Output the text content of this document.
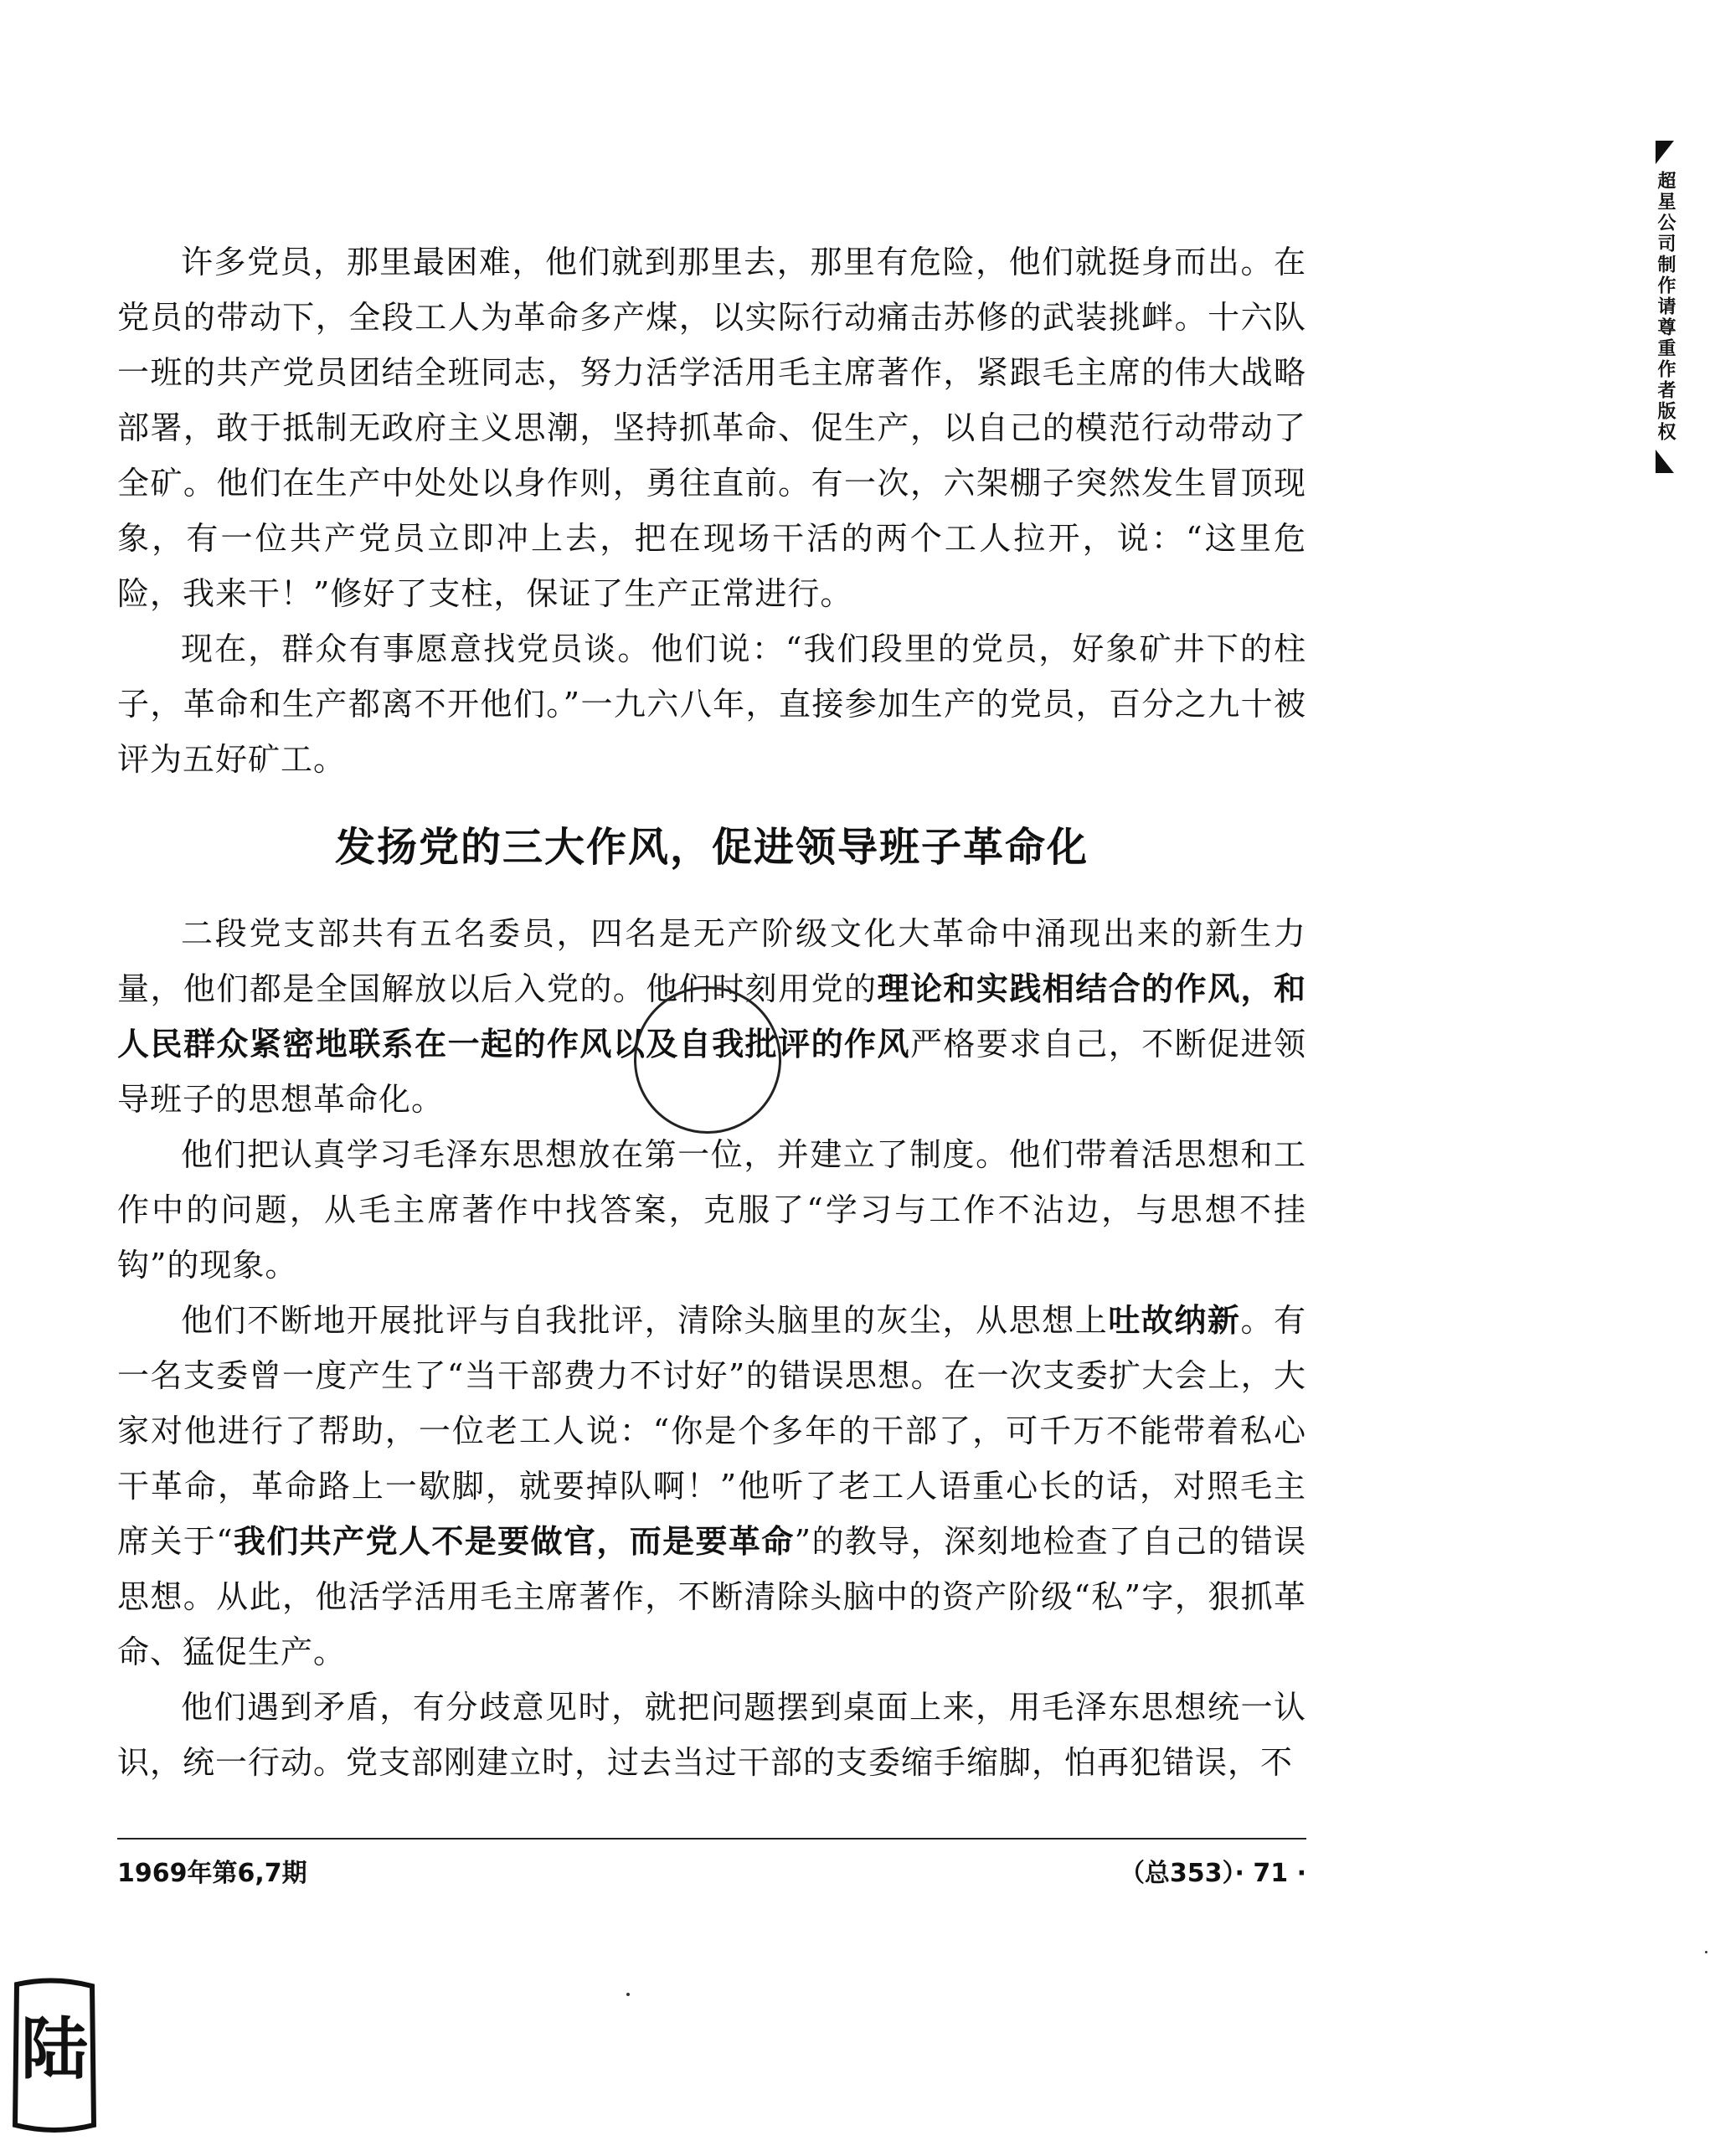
许多党员，那里最困难，他们就到那里去，那里有危险，他们就挺身而出。在党员的带动下，全段工人为革命多产煤，以实际行动痛击苏修的武装挑衅。十六队一班的共产党员团结全班同志，努力活学活用毛主席著作，紧跟毛主席的伟大战略部署，敢于抵制无政府主义思潮，坚持抓革命、促生产，以自己的模范行动带动了全矿。他们在生产中处处以身作则，勇往直前。有一次，六架棚子突然发生冒顶现象，有一位共产党员立即冲上去，把在现场干活的两个工人拉开，说：“这里危险，我来干！”修好了支柱，保证了生产正常进行。

现在，群众有事愿意找党员谈。他们说：“我们段里的党员，好象矿井下的柱子，革命和生产都离不开他们。”一九六八年，直接参加生产的党员，百分之九十被评为五好矿工。

发扬党的三大作风，促进领导班子革命化

二段党支部共有五名委员，四名是无产阶级文化大革命中涌现出来的新生力量，他们都是全国解放以后入党的。他们时刻用党的理论和实践相结合的作风，和人民群众紧密地联系在一起的作风以及自我批评的作风严格要求自己，不断促进领导班子的思想革命化。

他们把认真学习毛泽东思想放在第一位，并建立了制度。他们带着活思想和工作中的问题，从毛主席著作中找答案，克服了“学习与工作不沾边，与思想不挂钩”的现象。

他们不断地开展批评与自我批评，清除头脑里的灰尘，从思想上吐故纳新。有一名支委曾一度产生了“当干部费力不讨好”的错误思想。在一次支委扩大会上，大家对他进行了帮助，一位老工人说：“你是个多年的干部了，可千万不能带着私心干革命，革命路上一歇脚，就要掉队啊！”他听了老工人语重心长的话，对照毛主席关于“我们共产党人不是要做官，而是要革命”的教导，深刻地检查了自己的错误思想。从此，他活学活用毛主席著作，不断清除头脑中的资产阶级“私”字，狠抓革命、猛促生产。

他们遇到矛盾，有分歧意见时，就把问题摆到桌面上来，用毛泽东思想统一认识，统一行动。党支部刚建立时，过去当过干部的支委缩手缩脚，怕再犯错误，不

1969年第6,7期	（总353）· 71 ·
超星公司制作请尊重作者版权
陆
